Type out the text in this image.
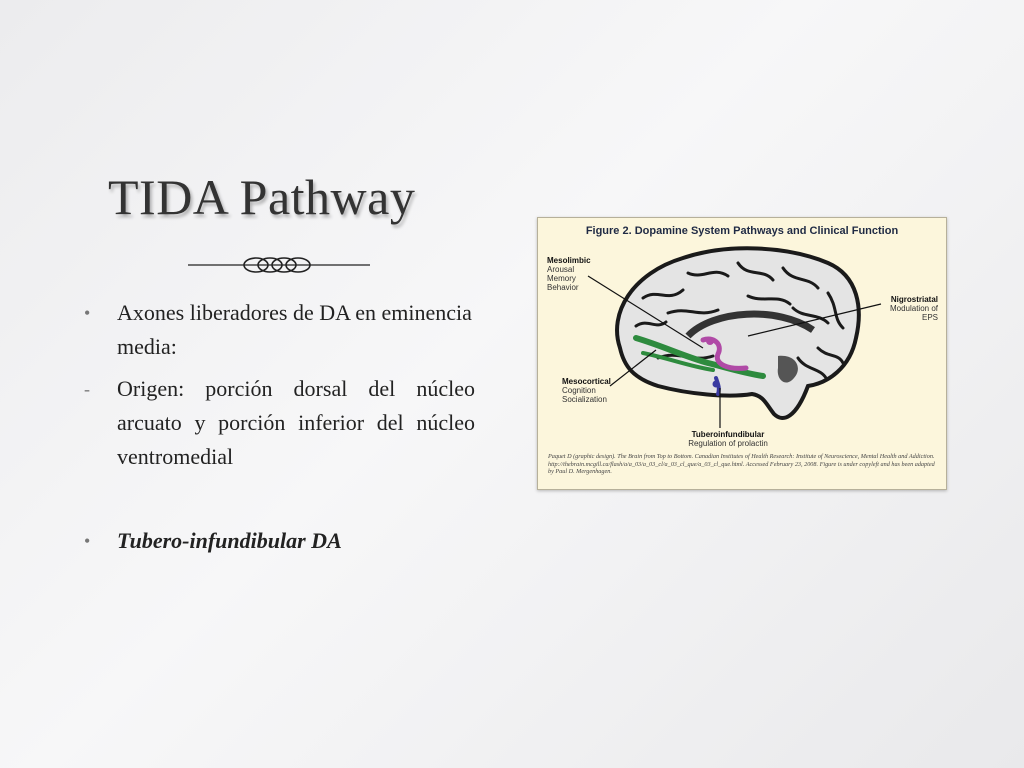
TIDA Pathway
•	Axones liberadores de DA en eminencia media:
-	Origen: porción dorsal del núcleo arcuato y porción inferior del núcleo ventromedial
•	Tubero-infundibular DA
Figure 2. Dopamine System Pathways and Clinical Function
Mesolimbic
Arousal
Memory
Behavior
Nigrostriatal
Modulation of
EPS
Mesocortical
Cognition
Socialization
Tuberoinfundibular
Regulation of prolactin
Paquet D (graphic design). The Brain from Top to Bottom. Canadian Institutes of Health Research: Institute of Neuroscience, Mental Health and Addiction. http://thebrain.mcgill.ca/flash/a/a_03/a_03_cl/a_03_cl_que/a_03_cl_que.html. Accessed February 23, 2008. Figure is under copyleft and has been adapted by Paul D. Mergenhagen.
